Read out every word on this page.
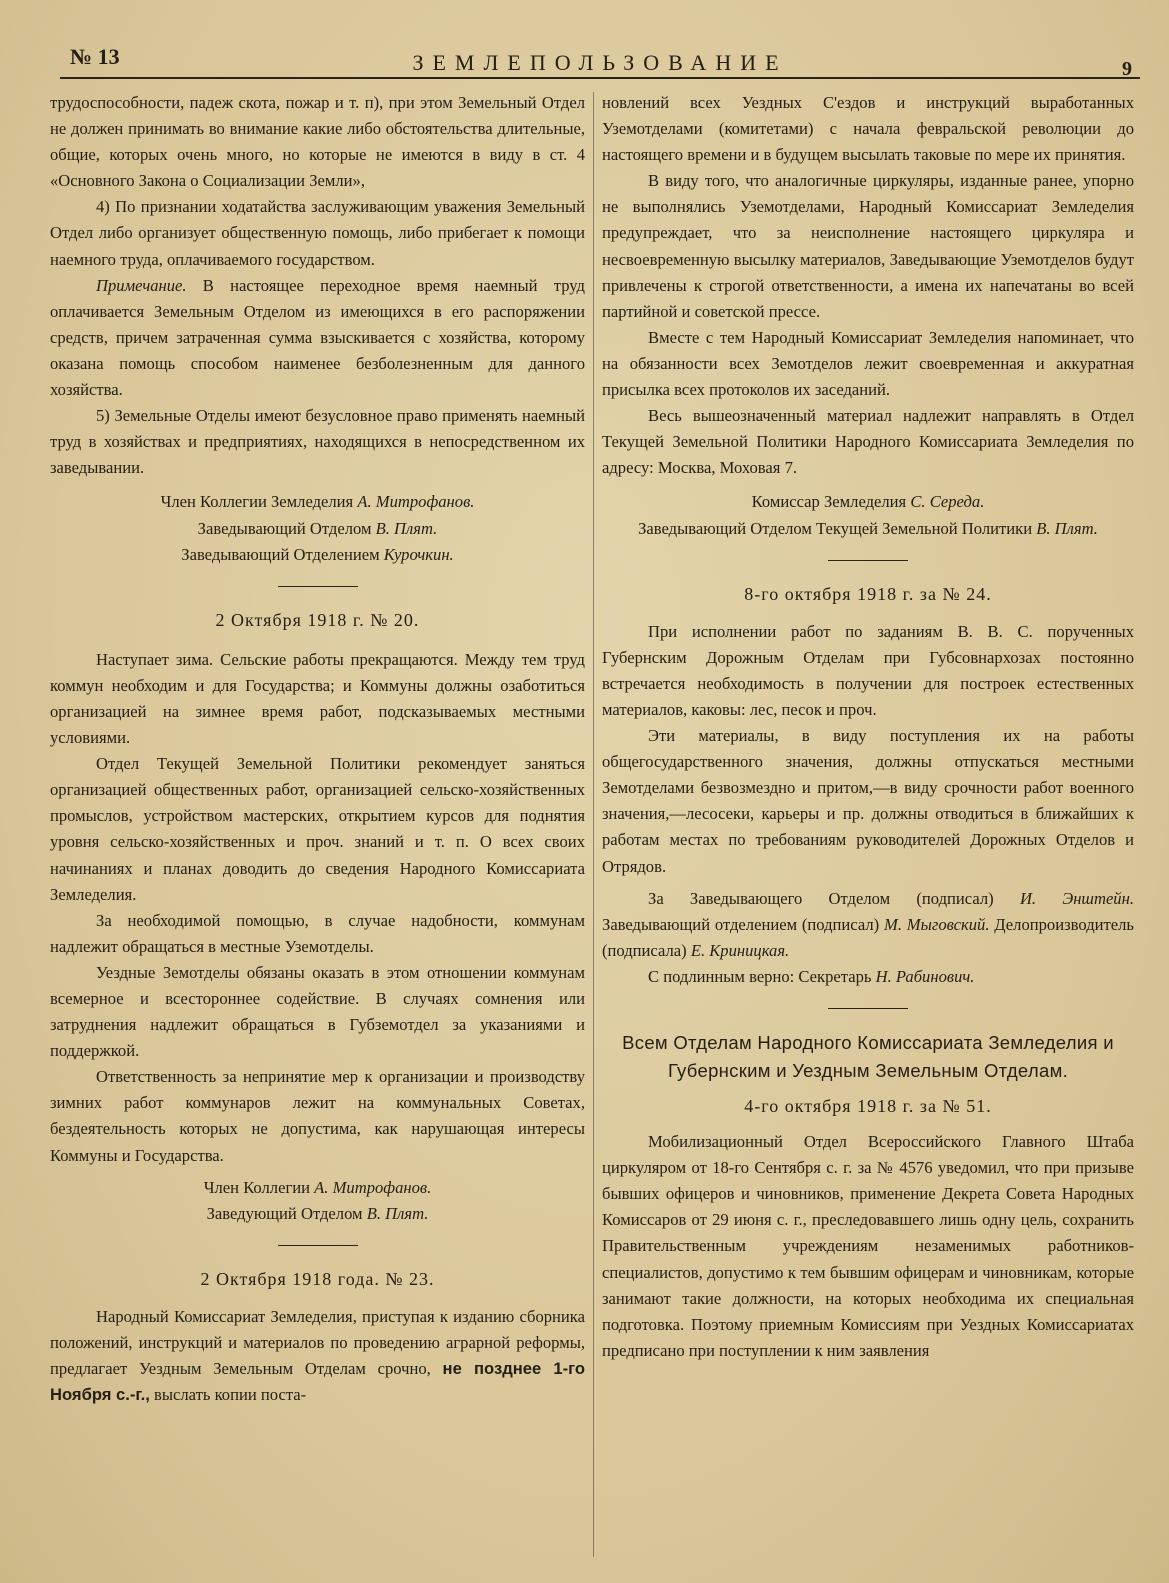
№ 13	ЗЕМЛЕПОЛЬЗОВАНИЕ	9

трудоспособности, падеж скота, пожар и т. п), при этом Земельный Отдел не должен принимать во внимание какие либо обстоятельства длительные, общие, которых очень много, но которые не имеются в виду в ст. 4 «Основного Закона о Социализации Земли»,

4) По признании ходатайства заслуживающим уважения Земельный Отдел либо организует общественную помощь, либо прибегает к помощи наемного труда, оплачиваемого государством.

Примечание. В настоящее переходное время наемный труд оплачивается Земельным Отделом из имеющихся в его распоряжении средств, причем затраченная сумма взыскивается с хозяйства, которому оказана помощь способом наименее безболезненным для данного хозяйства.

5) Земельные Отделы имеют безусловное право применять наемный труд в хозяйствах и предприятиях, находящихся в непосредственном их заведывании.

Член Коллегии Земледелия А. Митрофанов.

Заведывающий Отделом В. Плят.

Заведывающий Отделением Курочкин.

2 Октября 1918 г. № 20.

Наступает зима. Сельские работы прекращаются. Между тем труд коммун необходим и для Государства; и Коммуны должны озаботиться организацией на зимнее время работ, подсказываемых местными условиями.

Отдел Текущей Земельной Политики рекомендует заняться организацией общественных работ, организацией сельско-хозяйственных промыслов, устройством мастерских, открытием курсов для поднятия уровня сельско-хозяйственных и проч. знаний и т. п. О всех своих начинаниях и планах доводить до сведения Народного Комиссариата Земледелия.

За необходимой помощью, в случае надобности, коммунам надлежит обращаться в местные Уземотделы.

Уездные Земотделы обязаны оказать в этом отношении коммунам всемерное и всестороннее содействие. В случаях сомнения или затруднения надлежит обращаться в Губземотдел за указаниями и поддержкой.

Ответственность за непринятие мер к организации и производству зимних работ коммунаров лежит на коммунальных Советах, бездеятельность которых не допустима, как нарушающая интересы Коммуны и Государства.

Член Коллегии А. Митрофанов.

Заведующий Отделом В. Плят.

2 Октября 1918 года. № 23.

Народный Комиссариат Земледелия, приступая к изданию сборника положений, инструкций и материалов по проведению аграрной реформы, предлагает Уездным Земельным Отделам срочно, не позднее 1-го Ноября с.-г., выслать копии поста-

новлений всех Уездных С'ездов и инструкций выработанных Уземотделами (комитетами) с начала февральской революции до настоящего времени и в будущем высылать таковые по мере их принятия.

В виду того, что аналогичные циркуляры, изданные ранее, упорно не выполнялись Уземотделами, Народный Комиссариат Земледелия предупреждает, что за неисполнение настоящего циркуляра и несвоевременную высылку материалов, Заведывающие Уземотделов будут привлечены к строгой ответственности, а имена их напечатаны во всей партийной и советской прессе.

Вместе с тем Народный Комиссариат Земледелия напоминает, что на обязанности всех Земотделов лежит своевременная и аккуратная присылка всех протоколов их заседаний.

Весь вышеозначенный материал надлежит направлять в Отдел Текущей Земельной Политики Народного Комиссариата Земледелия по адресу: Москва, Моховая 7.

Комиссар Земледелия С. Середа.

Заведывающий Отделом Текущей Земельной Политики В. Плят.

8-го октября 1918 г. за № 24.

При исполнении работ по заданиям В. В. С. порученных Губернским Дорожным Отделам при Губсовнархозах постоянно встречается необходимость в получении для построек естественных материалов, каковы: лес, песок и проч.

Эти материалы, в виду поступления их на работы общегосударственного значения, должны отпускаться местными Земотделами безвозмездно и притом,—в виду срочности работ военного значения,—лесосеки, карьеры и пр. должны отводиться в ближайших к работам местах по требованиям руководителей Дорожных Отделов и Отрядов.

За Заведывающего Отделом (подписал) И. Энштейн. Заведывающий отделением (подписал) М. Мыговский. Делопроизводитель (подписала) Е. Криницкая.

С подлинным верно: Секретарь Н. Рабинович.

Всем Отделам Народного Комиссариата Земледелия и Губернским и Уездным Земельным Отделам.

4-го октября 1918 г. за № 51.

Мобилизационный Отдел Всероссийского Главного Штаба циркуляром от 18-го Сентября с. г. за № 4576 уведомил, что при призыве бывших офицеров и чиновников, применение Декрета Совета Народных Комиссаров от 29 июня с. г., преследовавшего лишь одну цель, сохранить Правительственным учреждениям незаменимых работников-специалистов, допустимо к тем бывшим офицерам и чиновникам, которые занимают такие должности, на которых необходима их специальная подготовка. Поэтому приемным Комиссиям при Уездных Комиссариатах предписано при поступлении к ним заявления
